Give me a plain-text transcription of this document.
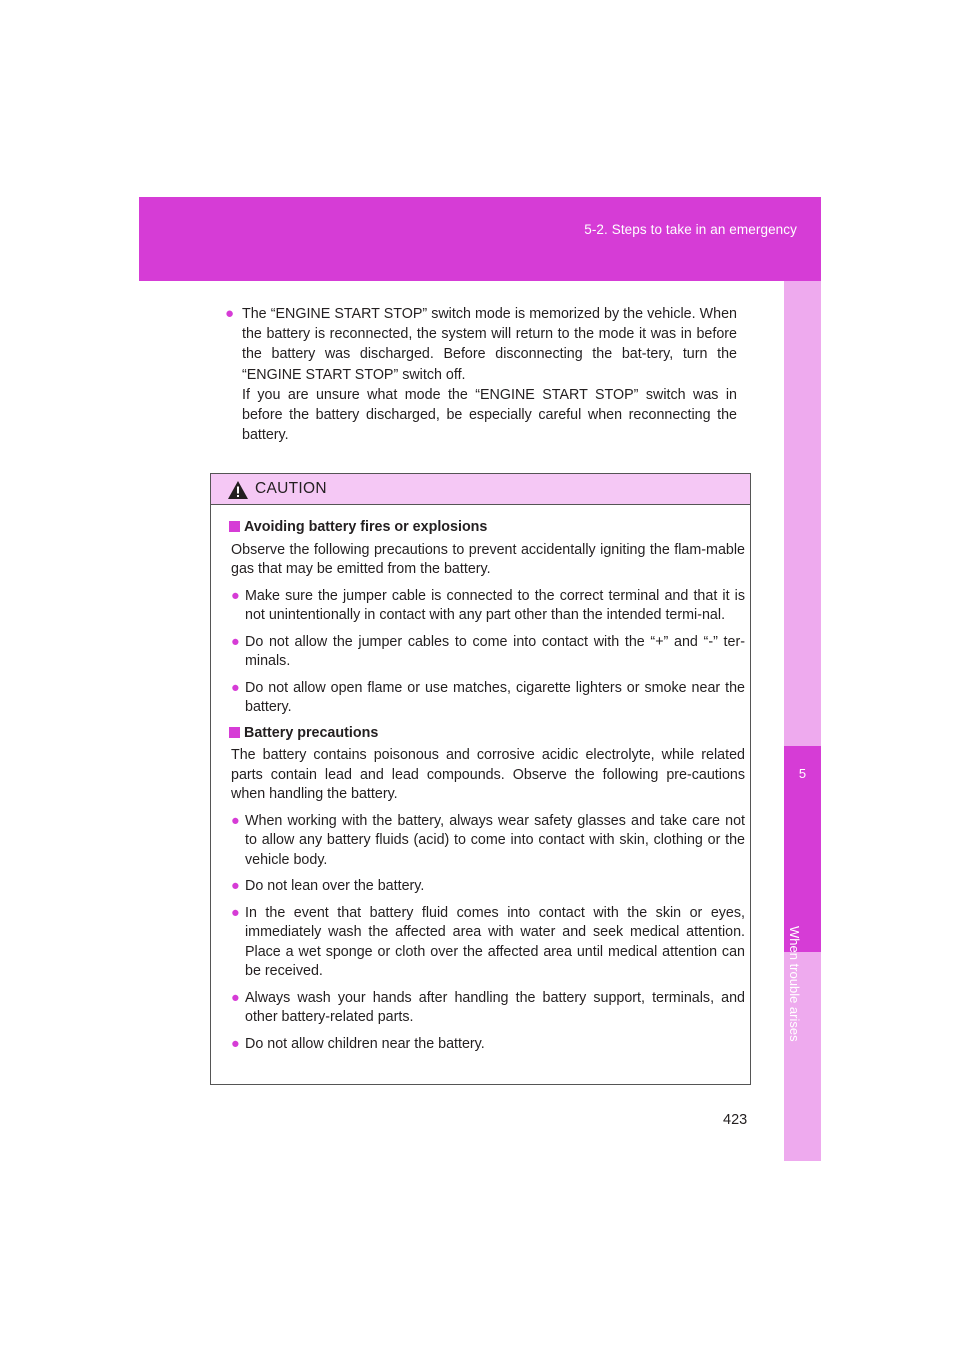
5-2. Steps to take in an emergency
5
When trouble arises
● The “ENGINE START STOP” switch mode is memorized by the vehicle. When the battery is reconnected, the system will return to the mode it was in before the battery was discharged. Before disconnecting the bat-tery, turn the “ENGINE START STOP” switch off.
If you are unsure what mode the “ENGINE START STOP” switch was in before the battery discharged, be especially careful when reconnecting the battery.
CAUTION
Avoiding battery fires or explosions
Observe the following precautions to prevent accidentally igniting the flam-mable gas that may be emitted from the battery.
● Make sure the jumper cable is connected to the correct terminal and that it is not unintentionally in contact with any part other than the intended termi-nal.
● Do not allow the jumper cables to come into contact with the “+” and “-” ter-minals.
● Do not allow open flame or use matches, cigarette lighters or smoke near the battery.
Battery precautions
The battery contains poisonous and corrosive acidic electrolyte, while related parts contain lead and lead compounds. Observe the following pre-cautions when handling the battery.
● When working with the battery, always wear safety glasses and take care not to allow any battery fluids (acid) to come into contact with skin, clothing or the vehicle body.
● Do not lean over the battery.
● In the event that battery fluid comes into contact with the skin or eyes, immediately wash the affected area with water and seek medical attention. Place a wet sponge or cloth over the affected area until medical attention can be received.
● Always wash your hands after handling the battery support, terminals, and other battery-related parts.
● Do not allow children near the battery.
423
